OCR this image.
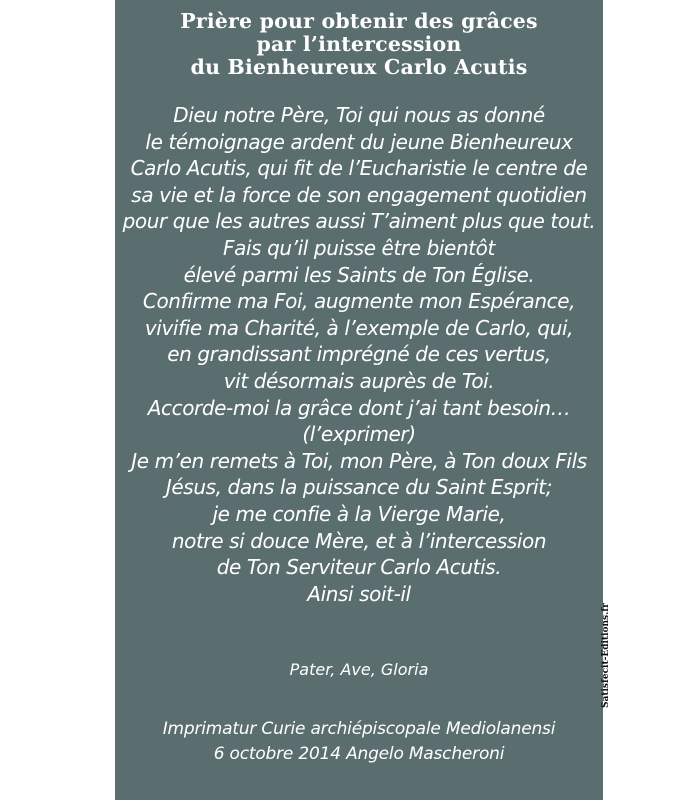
Prière pour obtenir des grâces
par l’intercession
du Bienheureux Carlo Acutis
Dieu notre Père, Toi qui nous as donné
le témoignage ardent du jeune Bienheureux
Carlo Acutis, qui fit de l’Eucharistie le centre de
sa vie et la force de son engagement quotidien
pour que les autres aussi T’aiment plus que tout.
Fais qu’il puisse être bientôt
élevé parmi les Saints de Ton Église.
Confirme ma Foi, augmente mon Espérance,
vivifie ma Charité, à l’exemple de Carlo, qui,
en grandissant imprégné de ces vertus,
vit désormais auprès de Toi.
Accorde-moi la grâce dont j’ai tant besoin…
(l’exprimer)
Je m’en remets à Toi, mon Père, à Ton doux Fils
Jésus, dans la puissance du Saint Esprit;
je me confie à la Vierge Marie,
notre si douce Mère, et à l’intercession
de Ton Serviteur Carlo Acutis.
Ainsi soit-il
Pater, Ave, Gloria
Imprimatur Curie archiépiscopale Mediolanensi
6 octobre 2014 Angelo Mascheroni
Satisfecit-Editions.fr
